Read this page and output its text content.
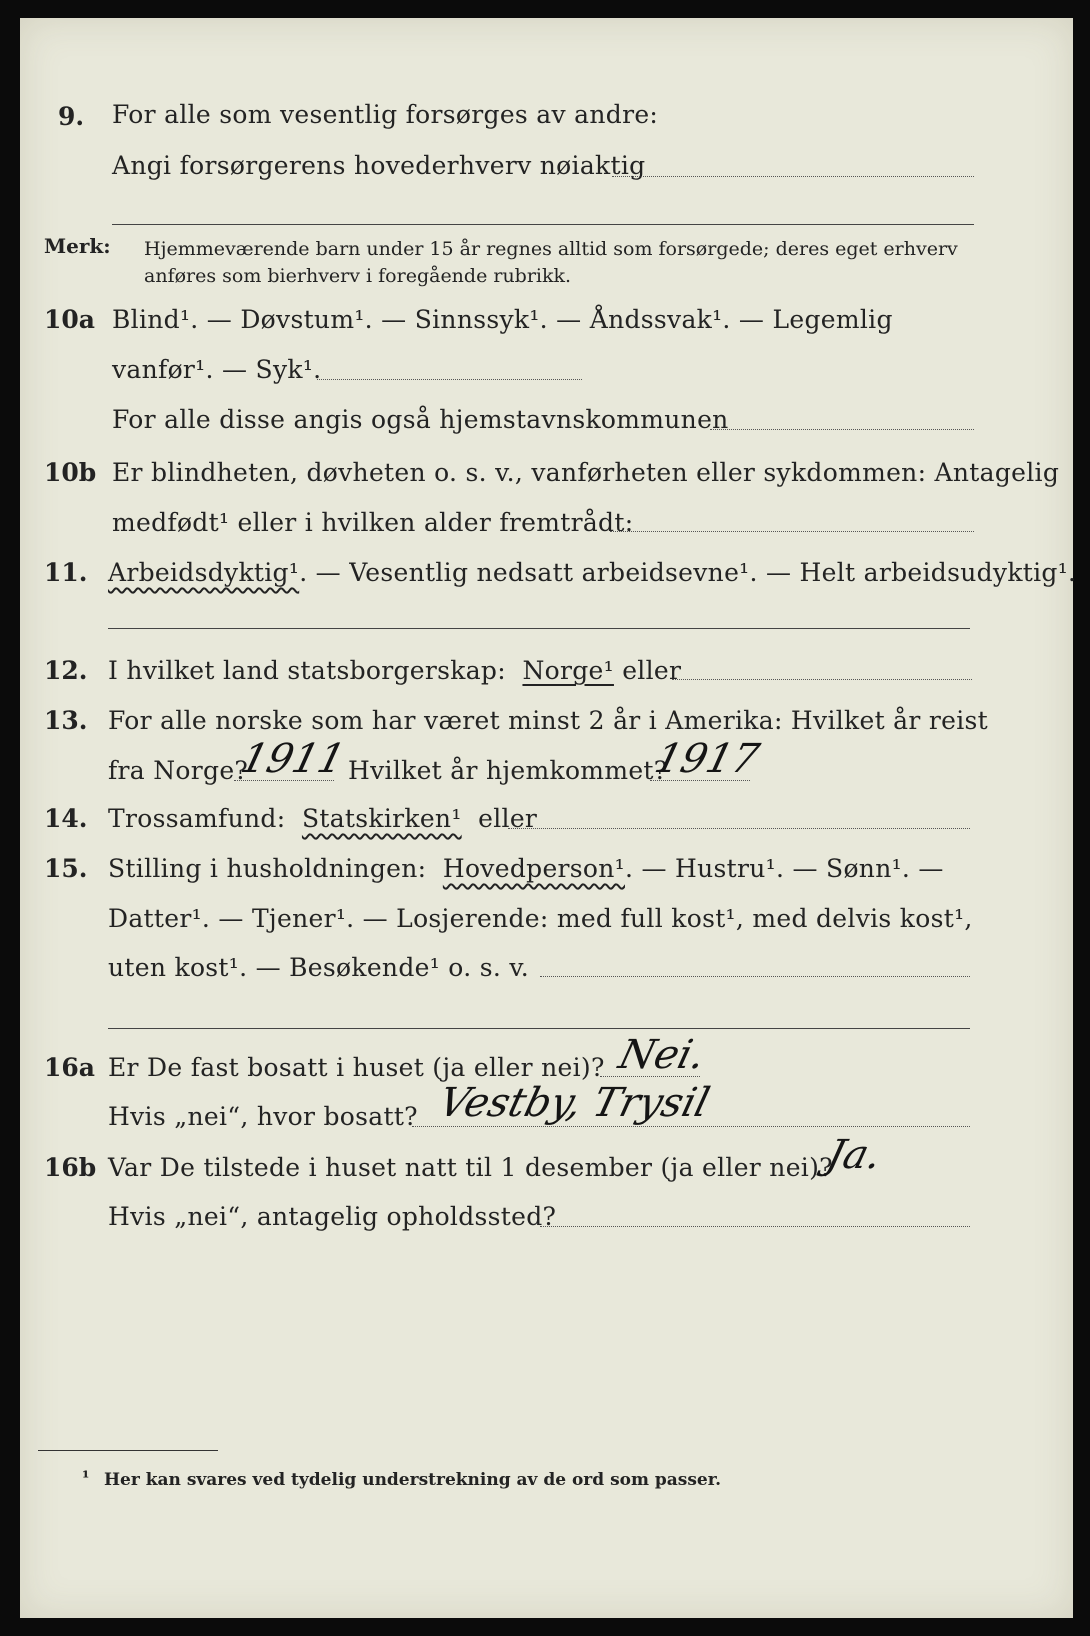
9. For alle som vesentlig forsørges av andre:
Angi forsørgerens hovederhverv nøiaktig
Merk: Hjemmeværende barn under 15 år regnes alltid som forsørgede; deres eget erhverv
anføres som bierhverv i foregående rubrikk.
10a Blind¹. — Døvstum¹. — Sinnssyk¹. — Åndssvak¹. — Legemlig
vanfør¹. — Syk¹.
For alle disse angis også hjemstavnskommunen
10b Er blindheten, døvheten o. s. v., vanførheten eller sykdommen: Antagelig
medfødt¹ eller i hvilken alder fremtrådt:
11. Arbeidsdyktig¹. — Vesentlig nedsatt arbeidsevne¹. — Helt arbeidsudyktig¹.
12. I hvilket land statsborgerskap: Norge¹ eller
13. For alle norske som har været minst 2 år i Amerika: Hvilket år reist
fra Norge?
1911
Hvilket år hjemkommet?
1917
14. Trossamfund: Statskirken¹ eller
15. Stilling i husholdningen: Hovedperson¹. — Hustru¹. — Sønn¹. —
Datter¹. — Tjener¹. — Losjerende: med full kost¹, med delvis kost¹,
uten kost¹. — Besøkende¹ o. s. v.
16a Er De fast bosatt i huset (ja eller nei)? Nei.
Hvis „nei“, hvor bosatt? Vestby, Trysil
16b Var De tilstede i huset natt til 1 desember (ja eller nei)?
Ja.
Hvis „nei“, antagelig opholdssted?
¹ Her kan svares ved tydelig understrekning av de ord som passer.
